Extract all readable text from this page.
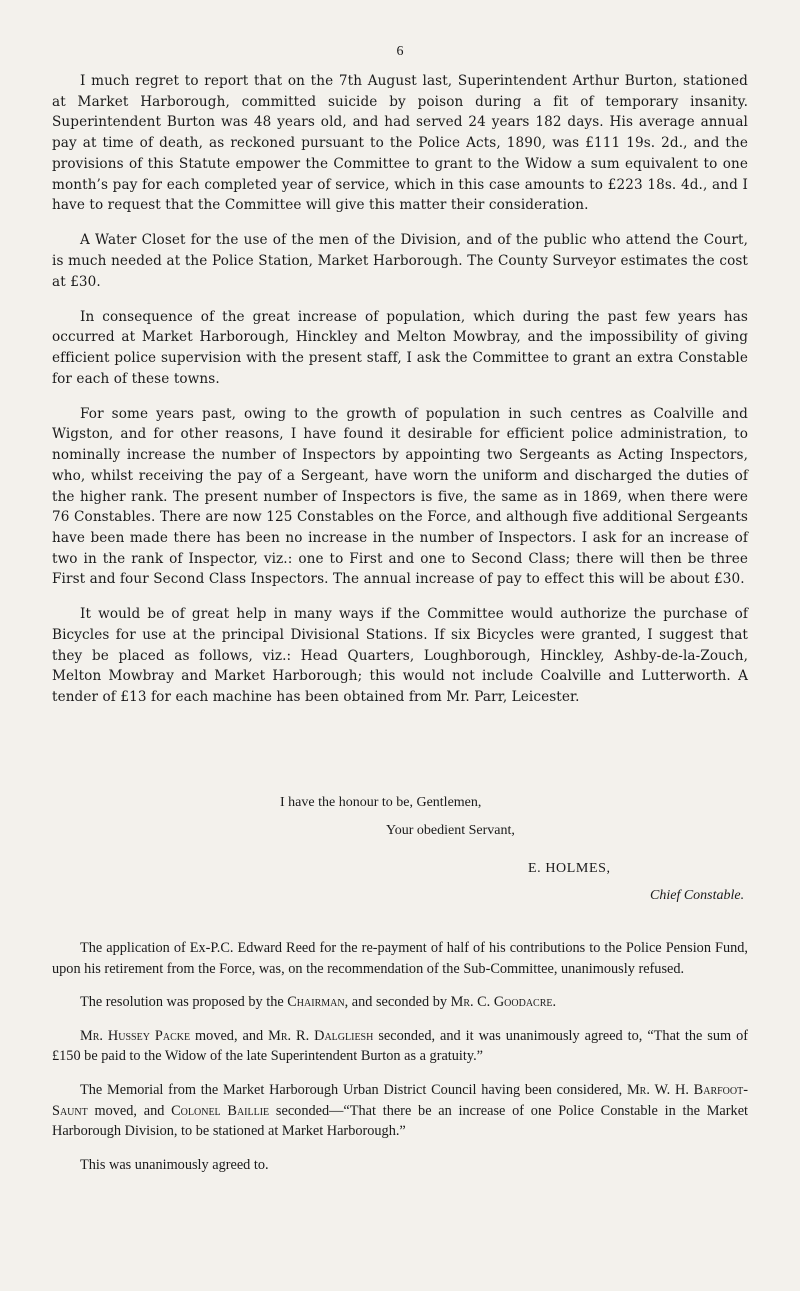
6

I much regret to report that on the 7th August last, Superintendent Arthur Burton, stationed at Market Harborough, committed suicide by poison during a fit of temporary insanity. Superintendent Burton was 48 years old, and had served 24 years 182 days. His average annual pay at time of death, as reckoned pursuant to the Police Acts, 1890, was £111 19s. 2d., and the provisions of this Statute empower the Committee to grant to the Widow a sum equivalent to one month’s pay for each completed year of service, which in this case amounts to £223 18s. 4d., and I have to request that the Committee will give this matter their consideration.

A Water Closet for the use of the men of the Division, and of the public who attend the Court, is much needed at the Police Station, Market Harborough. The County Surveyor estimates the cost at £30.

In consequence of the great increase of population, which during the past few years has occurred at Market Harborough, Hinckley and Melton Mowbray, and the impossibility of giving efficient police supervision with the present staff, I ask the Committee to grant an extra Constable for each of these towns.

For some years past, owing to the growth of population in such centres as Coalville and Wigston, and for other reasons, I have found it desirable for efficient police administration, to nominally increase the number of Inspectors by appointing two Sergeants as Acting Inspectors, who, whilst receiving the pay of a Sergeant, have worn the uniform and discharged the duties of the higher rank. The present number of Inspectors is five, the same as in 1869, when there were 76 Constables. There are now 125 Constables on the Force, and although five additional Sergeants have been made there has been no increase in the number of Inspectors. I ask for an increase of two in the rank of Inspector, viz.: one to First and one to Second Class; there will then be three First and four Second Class Inspectors. The annual increase of pay to effect this will be about £30.

It would be of great help in many ways if the Committee would authorize the purchase of Bicycles for use at the principal Divisional Stations. If six Bicycles were granted, I suggest that they be placed as follows, viz.: Head Quarters, Loughborough, Hinckley, Ashby-de-la-Zouch, Melton Mowbray and Market Harborough; this would not include Coalville and Lutterworth. A tender of £13 for each machine has been obtained from Mr. Parr, Leicester.

I have the honour to be, Gentlemen,
Your obedient Servant,
E. HOLMES,
Chief Constable.

The application of Ex-P.C. Edward Reed for the re-payment of half of his contributions to the Police Pension Fund, upon his retirement from the Force, was, on the recommendation of the Sub-Committee, unanimously refused.

The resolution was proposed by the Chairman, and seconded by Mr. C. Goodacre.

Mr. Hussey Packe moved, and Mr. R. Dalgliesh seconded, and it was unanimously agreed to, “That the sum of £150 be paid to the Widow of the late Superintendent Burton as a gratuity.”

The Memorial from the Market Harborough Urban District Council having been considered, Mr. W. H. Barfoot-Saunt moved, and Colonel Baillie seconded—“That there be an increase of one Police Constable in the Market Harborough Division, to be stationed at Market Harborough.”

This was unanimously agreed to.
